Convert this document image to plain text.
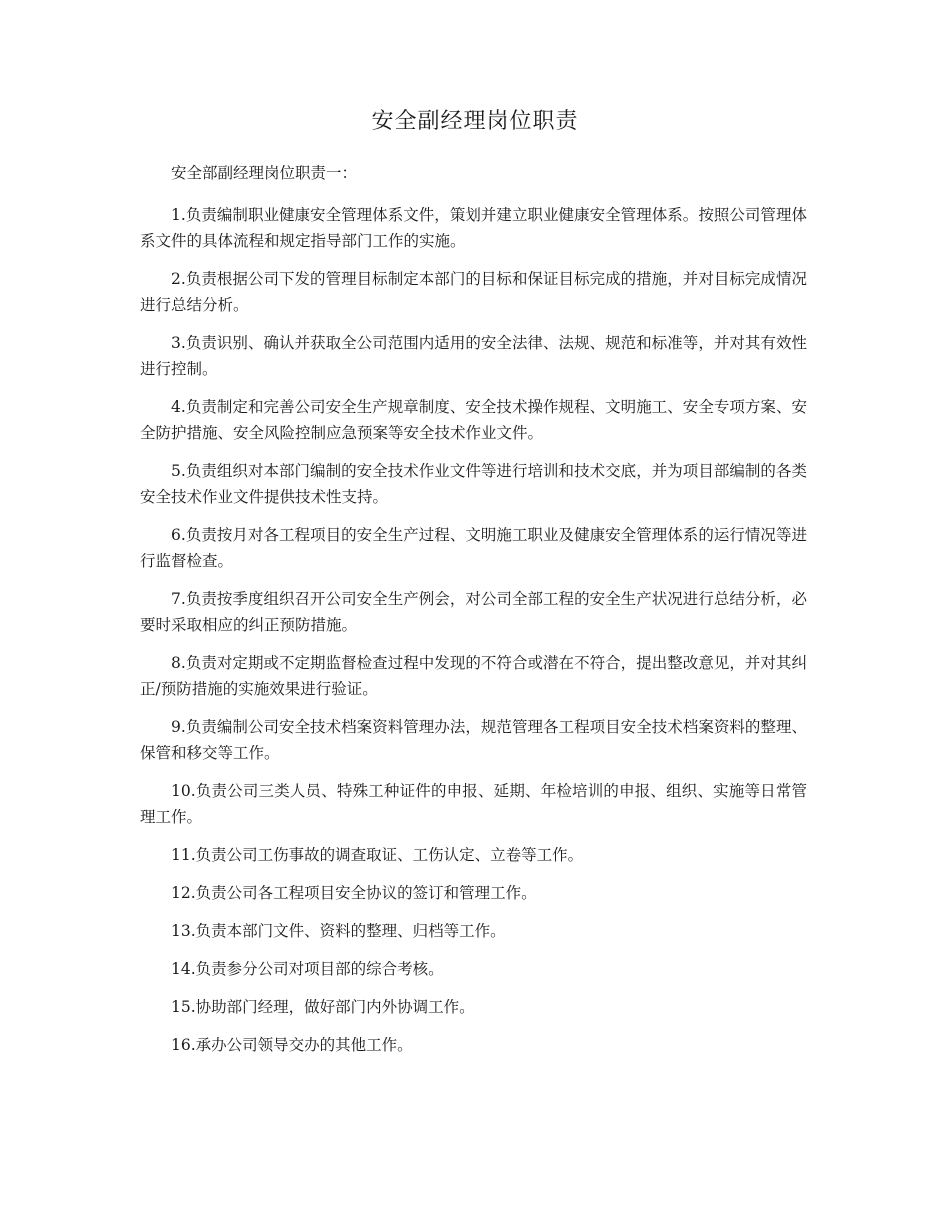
安全副经理岗位职责

安全部副经理岗位职责一：

1.负责编制职业健康安全管理体系文件，策划并建立职业健康安全管理体系。按照公司管理体系文件的具体流程和规定指导部门工作的实施。

2.负责根据公司下发的管理目标制定本部门的目标和保证目标完成的措施，并对目标完成情况进行总结分析。

3.负责识别、确认并获取全公司范围内适用的安全法律、法规、规范和标准等，并对其有效性进行控制。

4.负责制定和完善公司安全生产规章制度、安全技术操作规程、文明施工、安全专项方案、安全防护措施、安全风险控制应急预案等安全技术作业文件。

5.负责组织对本部门编制的安全技术作业文件等进行培训和技术交底，并为项目部编制的各类安全技术作业文件提供技术性支持。

6.负责按月对各工程项目的安全生产过程、文明施工职业及健康安全管理体系的运行情况等进行监督检查。

7.负责按季度组织召开公司安全生产例会，对公司全部工程的安全生产状况进行总结分析，必要时采取相应的纠正预防措施。

8.负责对定期或不定期监督检查过程中发现的不符合或潜在不符合，提出整改意见，并对其纠正/预防措施的实施效果进行验证。

9.负责编制公司安全技术档案资料管理办法，规范管理各工程项目安全技术档案资料的整理、保管和移交等工作。

10.负责公司三类人员、特殊工种证件的申报、延期、年检培训的申报、组织、实施等日常管理工作。

11.负责公司工伤事故的调查取证、工伤认定、立卷等工作。

12.负责公司各工程项目安全协议的签订和管理工作。

13.负责本部门文件、资料的整理、归档等工作。

14.负责参分公司对项目部的综合考核。

15.协助部门经理，做好部门内外协调工作。

16.承办公司领导交办的其他工作。
